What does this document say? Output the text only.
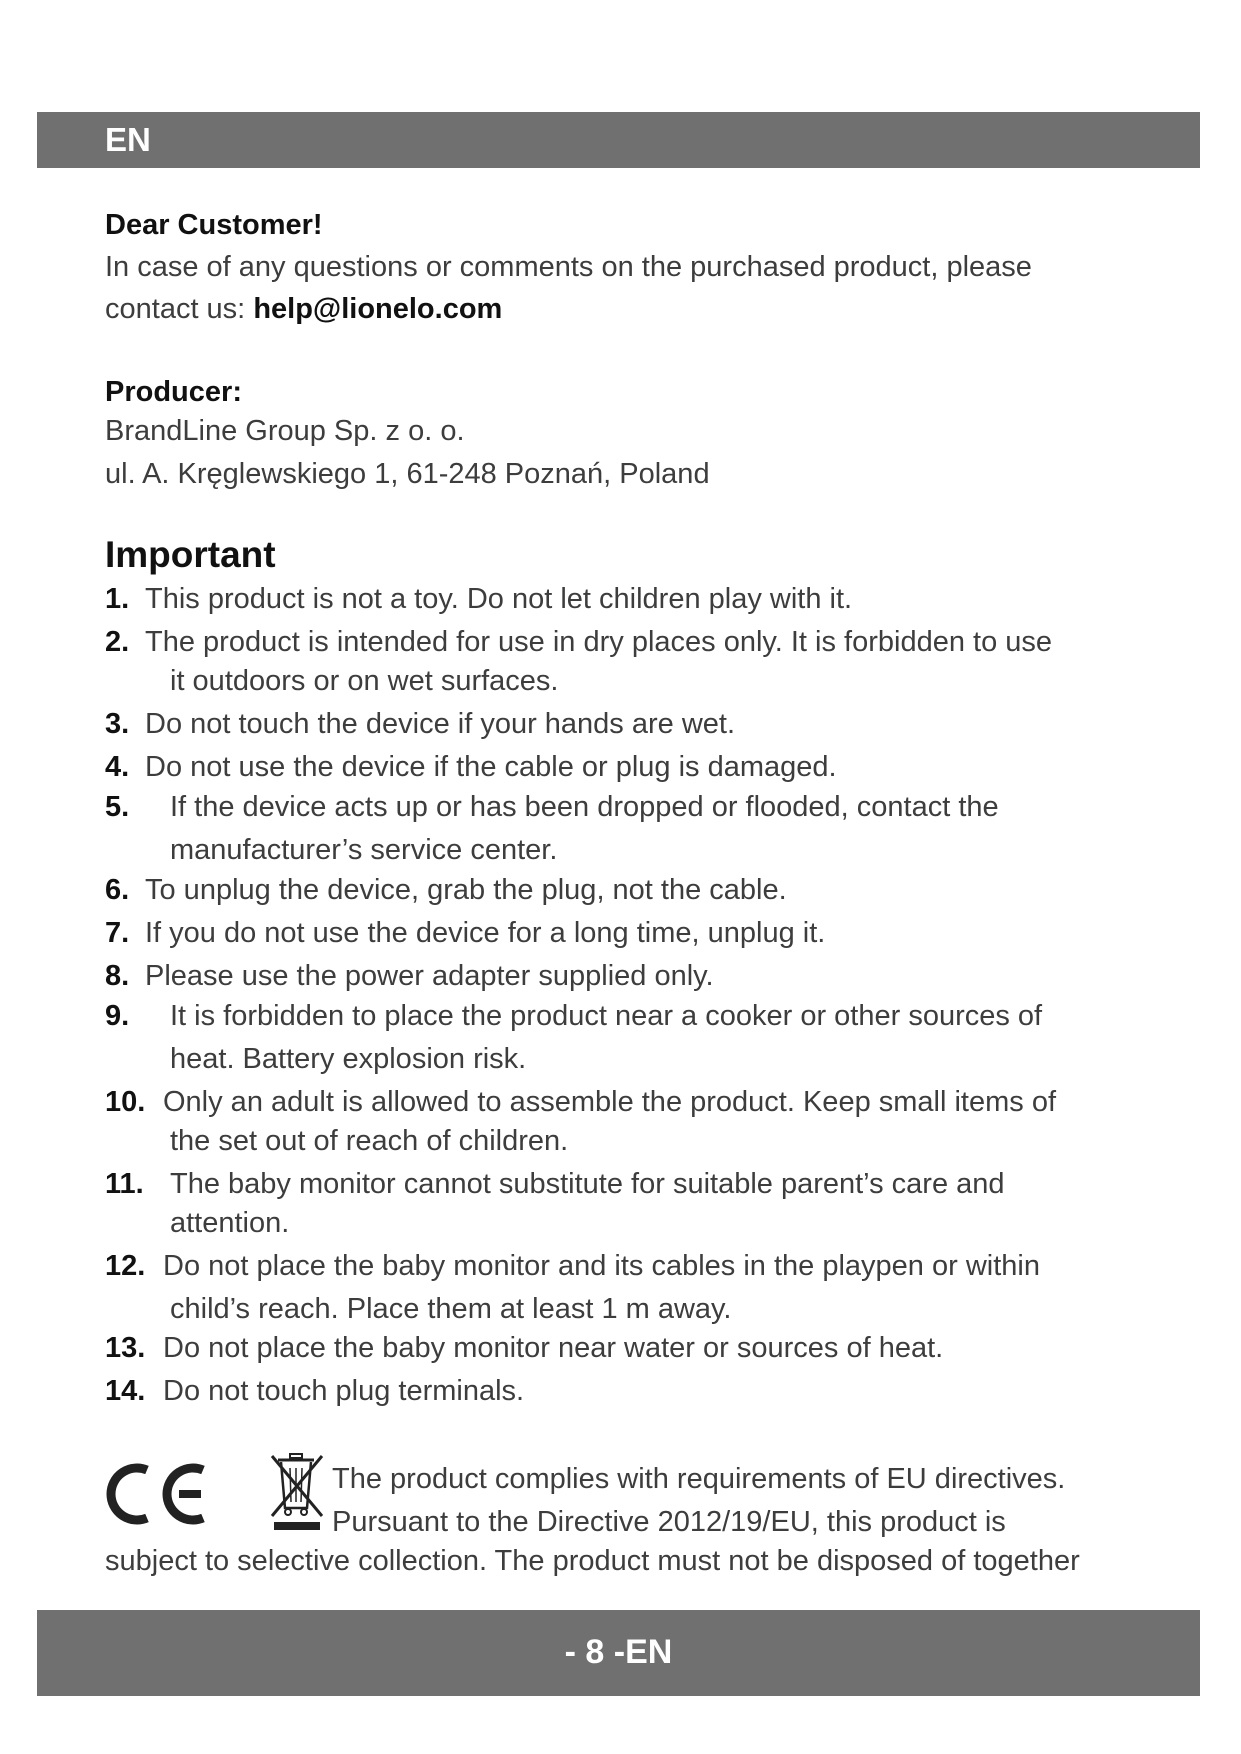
EN
Dear Customer!
In case of any questions or comments on the purchased product, please
contact us: help@lionelo.com
Producer:
BrandLine Group Sp. z o. o.
ul. A. Kręglewskiego 1, 61-248 Poznań, Poland
Important
1. This product is not a toy. Do not let children play with it.
2. The product is intended for use in dry places only. It is forbidden to use
it outdoors or on wet surfaces.
3. Do not touch the device if your hands are wet.
4. Do not use the device if the cable or plug is damaged.
5. If the device acts up or has been dropped or flooded, contact the
manufacturer’s service center.
6. To unplug the device, grab the plug, not the cable.
7. If you do not use the device for a long time, unplug it.
8. Please use the power adapter supplied only.
9. It is forbidden to place the product near a cooker or other sources of
heat. Battery explosion risk.
10. Only an adult is allowed to assemble the product. Keep small items of
the set out of reach of children.
11. The baby monitor cannot substitute for suitable parent’s care and
attention.
12. Do not place the baby monitor and its cables in the playpen or within
child’s reach. Place them at least 1 m away.
13. Do not place the baby monitor near water or sources of heat.
14. Do not touch plug terminals.
The product complies with requirements of EU directives.
Pursuant to the Directive 2012/19/EU, this product is
subject to selective collection. The product must not be disposed of together
- 8 -EN
